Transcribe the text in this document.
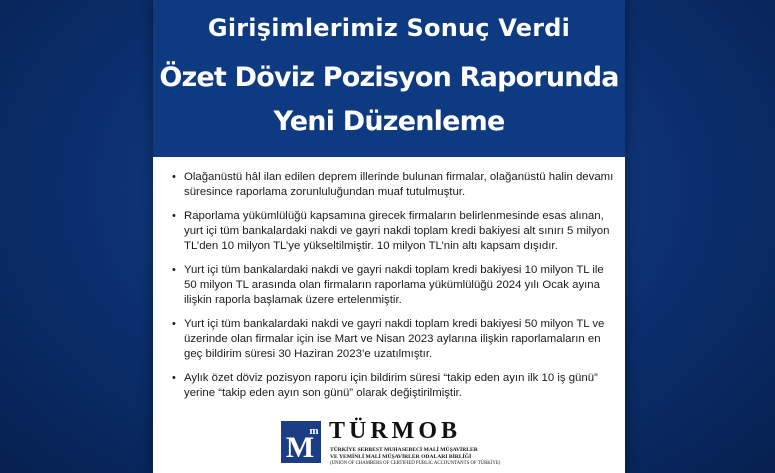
Girişimlerimiz Sonuç Verdi
Özet Döviz Pozisyon Raporunda
Yeni Düzenleme
• Olağanüstü hâl ilan edilen deprem illerinde bulunan firmalar, olağanüstü halin devamı süresince raporlama zorunluluğundan muaf tutulmuştur.
• Raporlama yükümlülüğü kapsamına girecek firmaların belirlenmesinde esas alınan, yurt içi tüm bankalardaki nakdi ve gayri nakdi toplam kredi bakiyesi alt sınırı 5 milyon TL’den 10 milyon TL’ye yükseltilmiştir. 10 milyon TL’nin altı kapsam dışıdır.
• Yurt içi tüm bankalardaki nakdi ve gayri nakdi toplam kredi bakiyesi 10 milyon TL ile 50 milyon TL arasında olan firmaların raporlama yükümlülüğü 2024 yılı Ocak ayına ilişkin raporla başlamak üzere ertelenmiştir.
• Yurt içi tüm bankalardaki nakdi ve gayri nakdi toplam kredi bakiyesi 50 milyon TL ve üzerinde olan firmalar için ise Mart ve Nisan 2023 aylarına ilişkin raporlamaların en geç bildirim süresi 30 Haziran 2023’e uzatılmıştır.
• Aylık özet döviz pozisyon raporu için bildirim süresi “takip eden ayın ilk 10 iş günü” yerine “takip eden ayın son günü” olarak değiştirilmiştir.
M
m TÜRMOB
TÜRKİYE SERBEST MUHASEBECİ MALİ MÜŞAVİRLER
VE YEMİNLİ MALİ MÜŞAVİRLER ODALARI BİRLİĞİ
(UNION OF CHAMBERS OF CERTIFIED PUBLIC ACCOUNTANTS OF TÜRKİYE)
